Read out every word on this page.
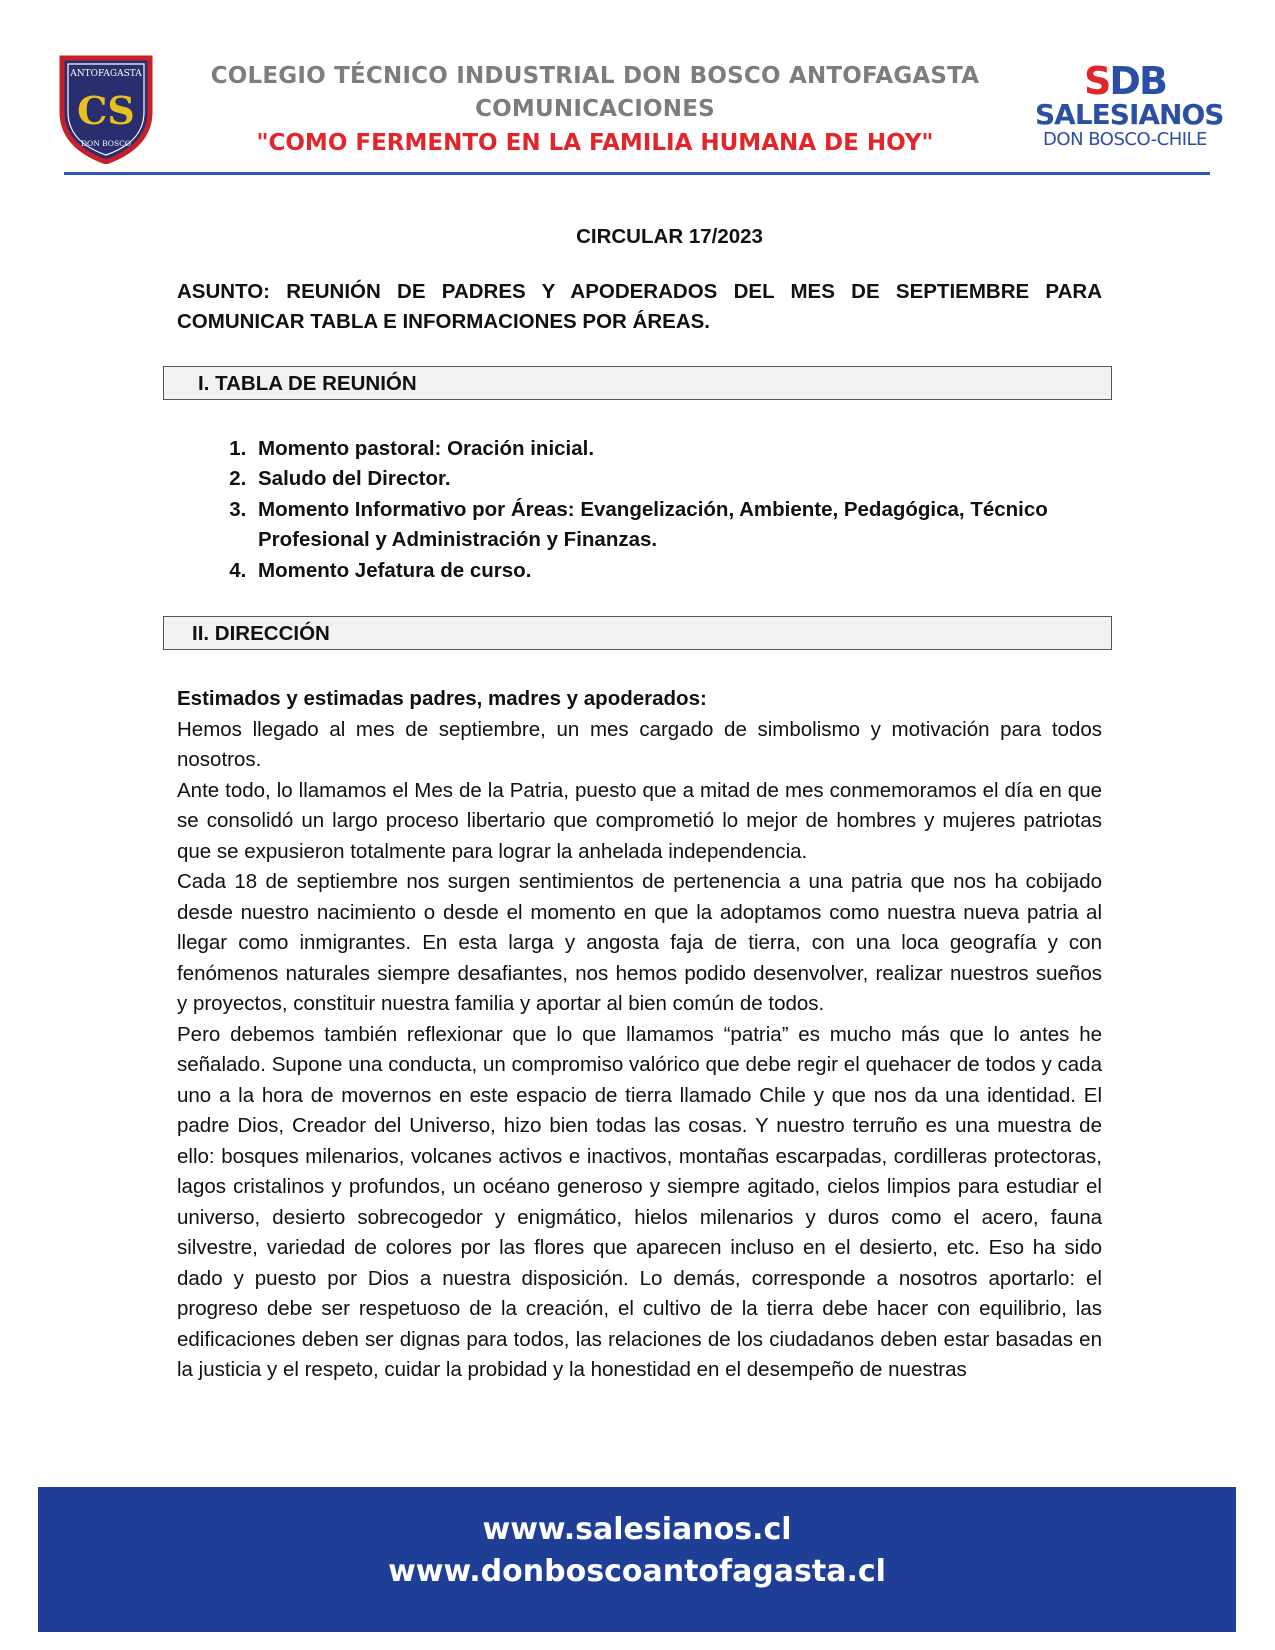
ANTOFAGASTA
CS
DON BOSCO
COLEGIO TÉCNICO INDUSTRIAL DON BOSCO ANTOFAGASTA
COMUNICACIONES
"COMO FERMENTO EN LA FAMILIA HUMANA DE HOY"
SDB
SALESIANOS
DON BOSCO-CHILE

CIRCULAR 17/2023

ASUNTO: REUNIÓN DE PADRES Y APODERADOS DEL MES DE SEPTIEMBRE PARA COMUNICAR TABLA E INFORMACIONES POR ÁREAS.

I. TABLA DE REUNIÓN
1. Momento pastoral: Oración inicial.
2. Saludo del Director.
3. Momento Informativo por Áreas: Evangelización, Ambiente, Pedagógica, Técnico Profesional y Administración y Finanzas.
4. Momento Jefatura de curso.
II. DIRECCIÓN

Estimados y estimadas padres, madres y apoderados:

Hemos llegado al mes de septiembre, un mes cargado de simbolismo y motivación para todos nosotros.

Ante todo, lo llamamos el Mes de la Patria, puesto que a mitad de mes conmemoramos el día en que se consolidó un largo proceso libertario que comprometió lo mejor de hombres y mujeres patriotas que se expusieron totalmente para lograr la anhelada independencia.

Cada 18 de septiembre nos surgen sentimientos de pertenencia a una patria que nos ha cobijado desde nuestro nacimiento o desde el momento en que la adoptamos como nuestra nueva patria al llegar como inmigrantes. En esta larga y angosta faja de tierra, con una loca geografía y con fenómenos naturales siempre desafiantes, nos hemos podido desenvolver, realizar nuestros sueños y proyectos, constituir nuestra familia y aportar al bien común de todos.

Pero debemos también reflexionar que lo que llamamos “patria” es mucho más que lo antes he señalado. Supone una conducta, un compromiso valórico que debe regir el quehacer de todos y cada uno a la hora de movernos en este espacio de tierra llamado Chile y que nos da una identidad. El padre Dios, Creador del Universo, hizo bien todas las cosas. Y nuestro terruño es una muestra de ello: bosques milenarios, volcanes activos e inactivos, montañas escarpadas, cordilleras protectoras, lagos cristalinos y profundos, un océano generoso y siempre agitado, cielos limpios para estudiar el universo, desierto sobrecogedor y enigmático, hielos milenarios y duros como el acero, fauna silvestre, variedad de colores por las flores que aparecen incluso en el desierto, etc. Eso ha sido dado y puesto por Dios a nuestra disposición. Lo demás, corresponde a nosotros aportarlo: el progreso debe ser respetuoso de la creación, el cultivo de la tierra debe hacer con equilibrio, las edificaciones deben ser dignas para todos, las relaciones de los ciudadanos deben estar basadas en la justicia y el respeto, cuidar la probidad y la honestidad en el desempeño de nuestras

www.salesianos.cl
www.donboscoantofagasta.cl
